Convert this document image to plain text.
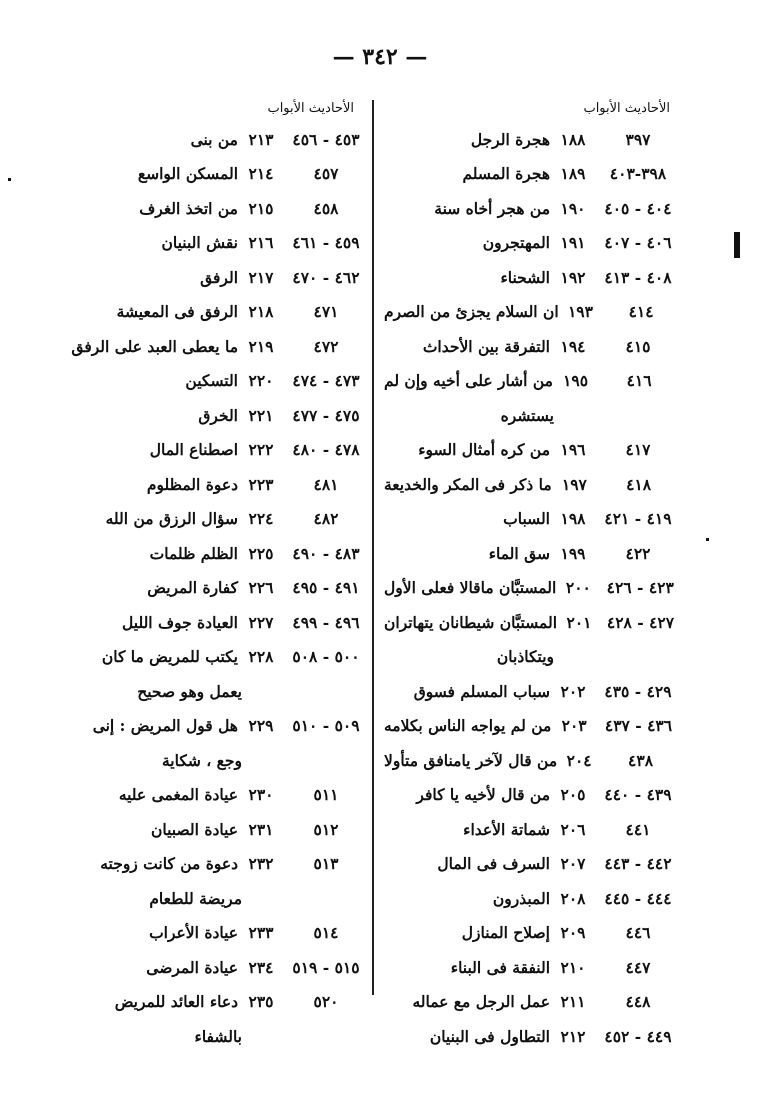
— ٣٤٢ —
الأحاديث الأبواب
٣٩٧
١٨٨
هجرة الرجل
٣٩٨-٤٠٣
١٨٩
هجرة المسلم
٤٠٤ - ٤٠٥
١٩٠
من هجر أخاه سنة
٤٠٦ - ٤٠٧
١٩١
المهتجرون
٤٠٨ - ٤١٣
١٩٢
الشحناء
٤١٤
١٩٣
ان السلام يجزئ من الصرم
٤١٥
١٩٤
التفرقة بين الأحداث
٤١٦
١٩٥
من أشار على أخيه وإن لم
يستشره
٤١٧
١٩٦
من كره أمثال السوء
٤١٨
١٩٧
ما ذكر فى المكر والخديعة
٤١٩ - ٤٢١
١٩٨
السباب
٤٢٢
١٩٩
سق الماء
٤٢٣ - ٤٢٦
٢٠٠
المستبَّان ماقالا فعلى الأول
٤٢٧ - ٤٢٨
٢٠١
المستبَّان شيطانان يتهاتران
ويتكاذبان
٤٢٩ - ٤٣٥
٢٠٢
سباب المسلم فسوق
٤٣٦ - ٤٣٧
٢٠٣
من لم يواجه الناس بكلامه
٤٣٨
٢٠٤
من قال لآخر يامنافق متأولا
٤٣٩ - ٤٤٠
٢٠٥
من قال لأخيه يا كافر
٤٤١
٢٠٦
شماتة الأعداء
٤٤٢ - ٤٤٣
٢٠٧
السرف فى المال
٤٤٤ - ٤٤٥
٢٠٨
المبذرون
٤٤٦
٢٠٩
إصلاح المنازل
٤٤٧
٢١٠
النفقة فى البناء
٤٤٨
٢١١
عمل الرجل مع عماله
٤٤٩ - ٤٥٢
٢١٢
التطاول فى البنيان
الأحاديث الأبواب
٤٥٣ - ٤٥٦
٢١٣
من بنى
٤٥٧
٢١٤
المسكن الواسع
٤٥٨
٢١٥
من اتخذ الغرف
٤٥٩ - ٤٦١
٢١٦
نقش البنيان
٤٦٢ - ٤٧٠
٢١٧
الرفق
٤٧١
٢١٨
الرفق فى المعيشة
٤٧٢
٢١٩
ما يعطى العبد على الرفق
٤٧٣ - ٤٧٤
٢٢٠
التسكين
٤٧٥ - ٤٧٧
٢٢١
الخرق
٤٧٨ - ٤٨٠
٢٢٢
اصطناع المال
٤٨١
٢٢٣
دعوة المظلوم
٤٨٢
٢٢٤
سؤال الرزق من الله
٤٨٣ - ٤٩٠
٢٢٥
الظلم ظلمات
٤٩١ - ٤٩٥
٢٢٦
كفارة المريض
٤٩٦ - ٤٩٩
٢٢٧
العيادة جوف الليل
٥٠٠ - ٥٠٨
٢٢٨
يكتب للمريض ما كان
يعمل وهو صحيح
٥٠٩ - ٥١٠
٢٢٩
هل قول المريض : إنى
وجع ، شكاية
٥١١
٢٣٠
عيادة المغمى عليه
٥١٢
٢٣١
عيادة الصبيان
٥١٣
٢٣٢
دعوة من كانت زوجته
مريضة للطعام
٥١٤
٢٣٣
عيادة الأعراب
٥١٥ - ٥١٩
٢٣٤
عيادة المرضى
٥٢٠
٢٣٥
دعاء العائد للمريض
بالشفاء
